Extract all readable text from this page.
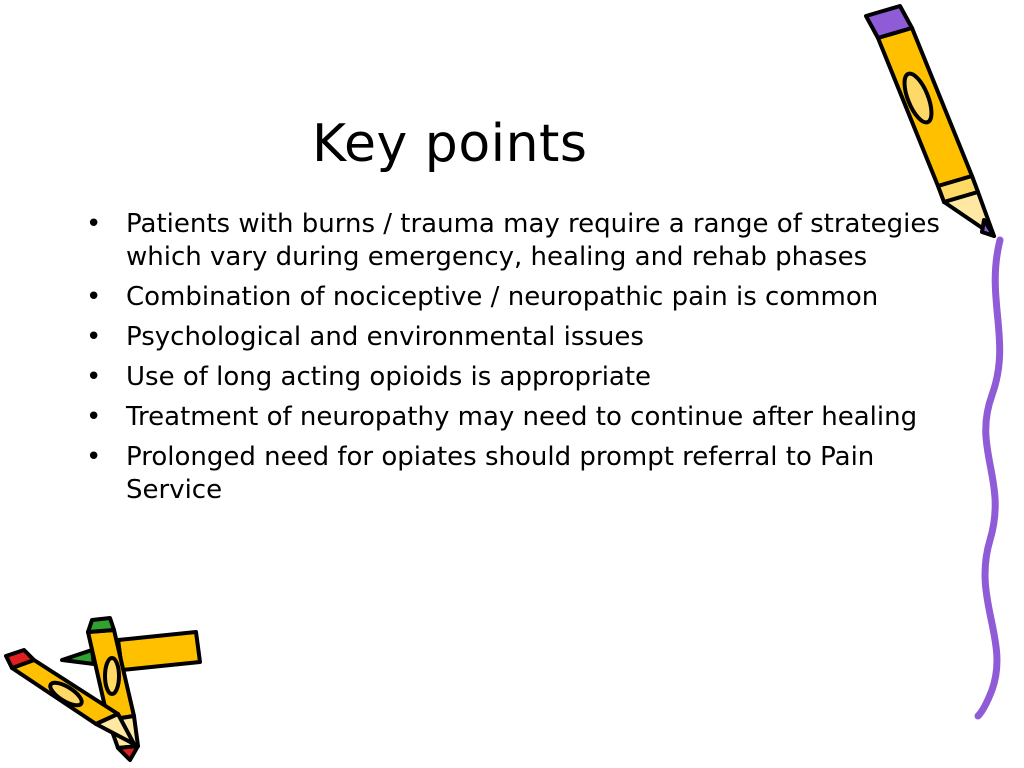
Key points
• Patients with burns / trauma may require a range of strategies which vary during emergency, healing and rehab phases
• Combination of nociceptive / neuropathic pain is common
• Psychological and environmental issues
• Use of long acting opioids is appropriate
• Treatment of neuropathy may need to continue after healing
• Prolonged need for opiates should prompt referral to Pain Service
